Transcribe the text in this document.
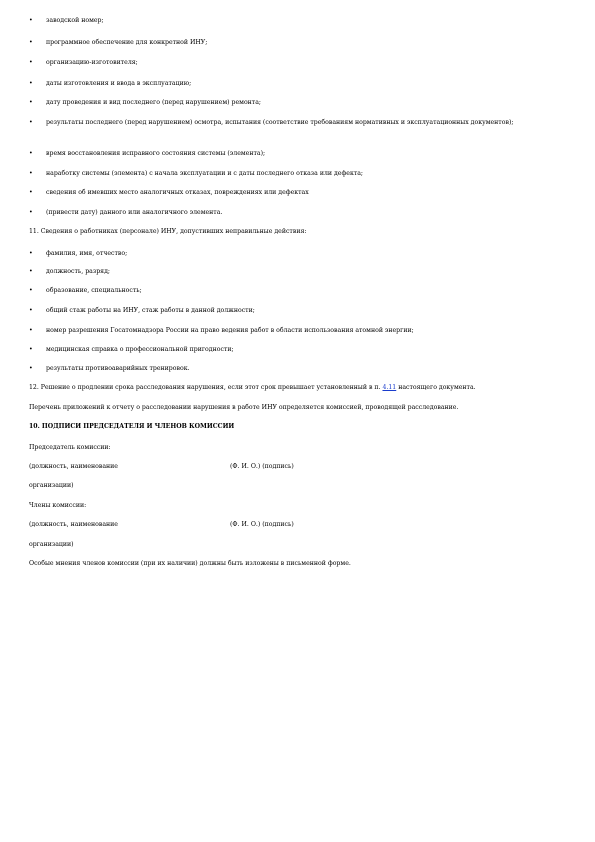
• заводской номер;
• программное обеспечение для конкретной ИНУ;
• организацию-изготовителя;
• даты изготовления и ввода в эксплуатацию;
• дату проведения и вид последнего (перед нарушением) ремонта;
•	результаты последнего (перед нарушением) осмотра, испытания (соответствие требованиям нормативных и эксплуатационных документов);
• время восстановления исправного состояния системы (элемента);
• наработку системы (элемента) с начала эксплуатации и с даты последнего отказа или дефекта;
• сведения об имевших место аналогичных отказах, повреждениях или дефектах
• (привести дату) данного или аналогичного элемента.
11. Сведения о работниках (персонале) ИНУ, допустивших неправильные действия:
• фамилия, имя, отчество;
• должность, разряд;
• образование, специальность;
• общий стаж работы на ИНУ, стаж работы в данной должности;
• номер разрешения Госатомнадзора России на право ведения работ в области использования атомной энергии;
• медицинская справка о профессиональной пригодности;
• результаты противоаварийных тренировок.
12. Решение о продлении срока расследования нарушения, если этот срок превышает установленный в п. 4.11 настоящего документа.
Перечень приложений к отчету о расследовании нарушения в работе ИНУ определяется комиссией, проводящей расследование.
10. ПОДПИСИ ПРЕДСЕДАТЕЛЯ И ЧЛЕНОВ КОМИССИИ
Председатель комиссии:
(должность, наименование	(Ф. И. О.) (подпись)
организации)
Члены комиссии:
(должность, наименование	(Ф. И. О.) (подпись)
организации)
Особые мнения членов комиссии (при их наличии) должны быть изложены в письменной форме.
